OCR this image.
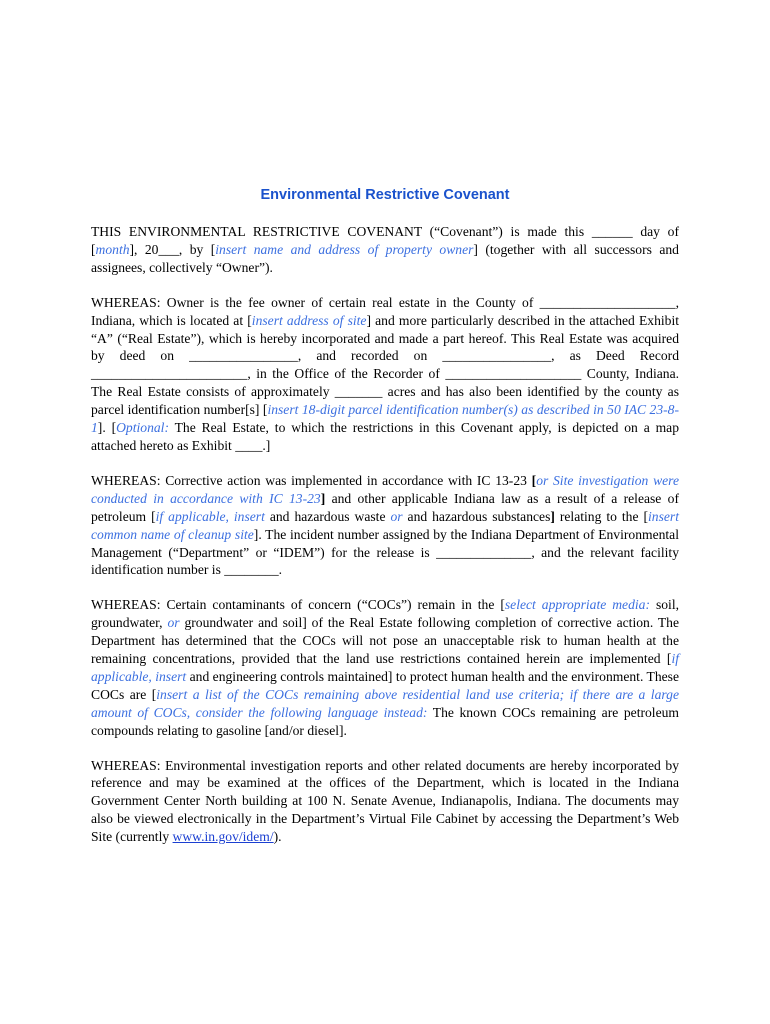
Environmental Restrictive Covenant

THIS ENVIRONMENTAL RESTRICTIVE COVENANT (“Covenant”) is made this ______ day of [month], 20___, by [insert name and address of property owner] (together with all successors and assignees, collectively “Owner”).

WHEREAS: Owner is the fee owner of certain real estate in the County of ____________________, Indiana, which is located at [insert address of site] and more particularly described in the attached Exhibit “A” (“Real Estate”), which is hereby incorporated and made a part hereof. This Real Estate was acquired by deed on ________________, and recorded on ________________, as Deed Record _______________________, in the Office of the Recorder of ____________________ County, Indiana. The Real Estate consists of approximately _______ acres and has also been identified by the county as parcel identification number[s] [insert 18-digit parcel identification number(s) as described in 50 IAC 23-8-1]. [Optional: The Real Estate, to which the restrictions in this Covenant apply, is depicted on a map attached hereto as Exhibit ____.]

WHEREAS: Corrective action was implemented in accordance with IC 13-23 [or Site investigation were conducted in accordance with IC 13-23] and other applicable Indiana law as a result of a release of petroleum [if applicable, insert and hazardous waste or and hazardous substances] relating to the [insert common name of cleanup site]. The incident number assigned by the Indiana Department of Environmental Management (“Department” or “IDEM”) for the release is ______________, and the relevant facility identification number is ________.

WHEREAS: Certain contaminants of concern (“COCs”) remain in the [select appropriate media: soil, groundwater, or groundwater and soil] of the Real Estate following completion of corrective action. The Department has determined that the COCs will not pose an unacceptable risk to human health at the remaining concentrations, provided that the land use restrictions contained herein are implemented [if applicable, insert and engineering controls maintained] to protect human health and the environment. These COCs are [insert a list of the COCs remaining above residential land use criteria; if there are a large amount of COCs, consider the following language instead: The known COCs remaining are petroleum compounds relating to gasoline [and/or diesel].

WHEREAS: Environmental investigation reports and other related documents are hereby incorporated by reference and may be examined at the offices of the Department, which is located in the Indiana Government Center North building at 100 N. Senate Avenue, Indianapolis, Indiana. The documents may also be viewed electronically in the Department’s Virtual File Cabinet by accessing the Department’s Web Site (currently www.in.gov/idem/).
